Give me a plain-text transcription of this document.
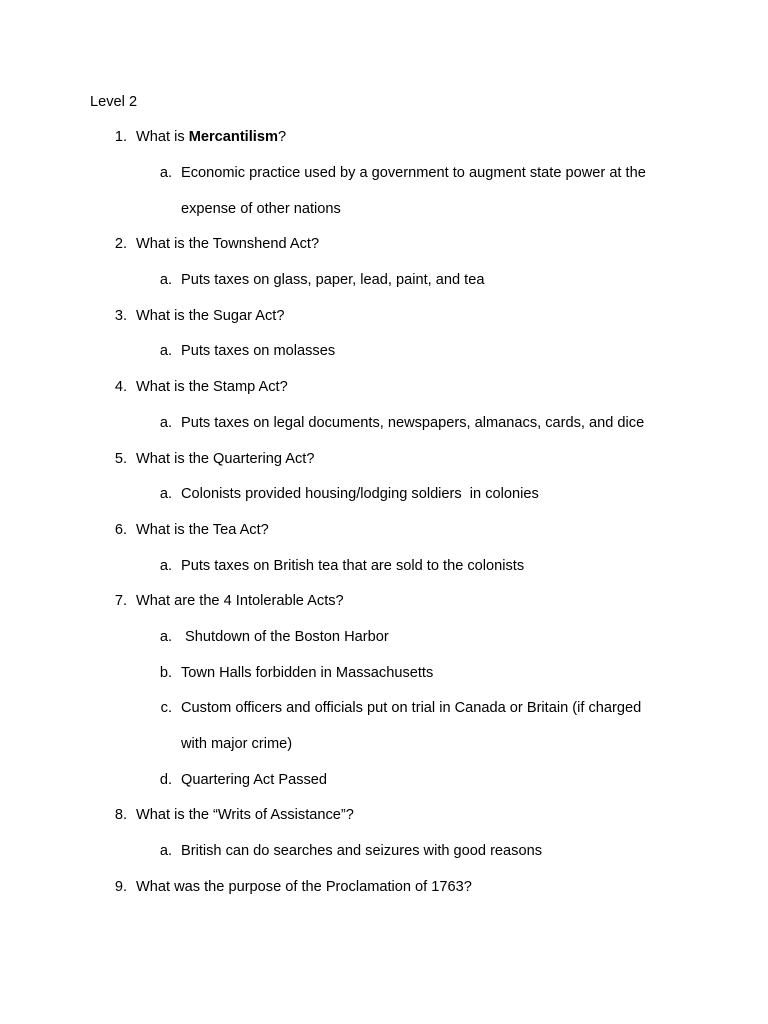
Level 2
1. What is Mercantilism?
a. Economic practice used by a government to augment state power at the
expense of other nations
2. What is the Townshend Act?
a. Puts taxes on glass, paper, lead, paint, and tea
3. What is the Sugar Act?
a. Puts taxes on molasses
4. What is the Stamp Act?
a. Puts taxes on legal documents, newspapers, almanacs, cards, and dice
5. What is the Quartering Act?
a. Colonists provided housing/lodging soldiers  in colonies
6. What is the Tea Act?
a. Puts taxes on British tea that are sold to the colonists
7. What are the 4 Intolerable Acts?
a. Shutdown of the Boston Harbor
b. Town Halls forbidden in Massachusetts
c. Custom officers and officials put on trial in Canada or Britain (if charged
with major crime)
d. Quartering Act Passed
8. What is the “Writs of Assistance”?
a. British can do searches and seizures with good reasons
9. What was the purpose of the Proclamation of 1763?
